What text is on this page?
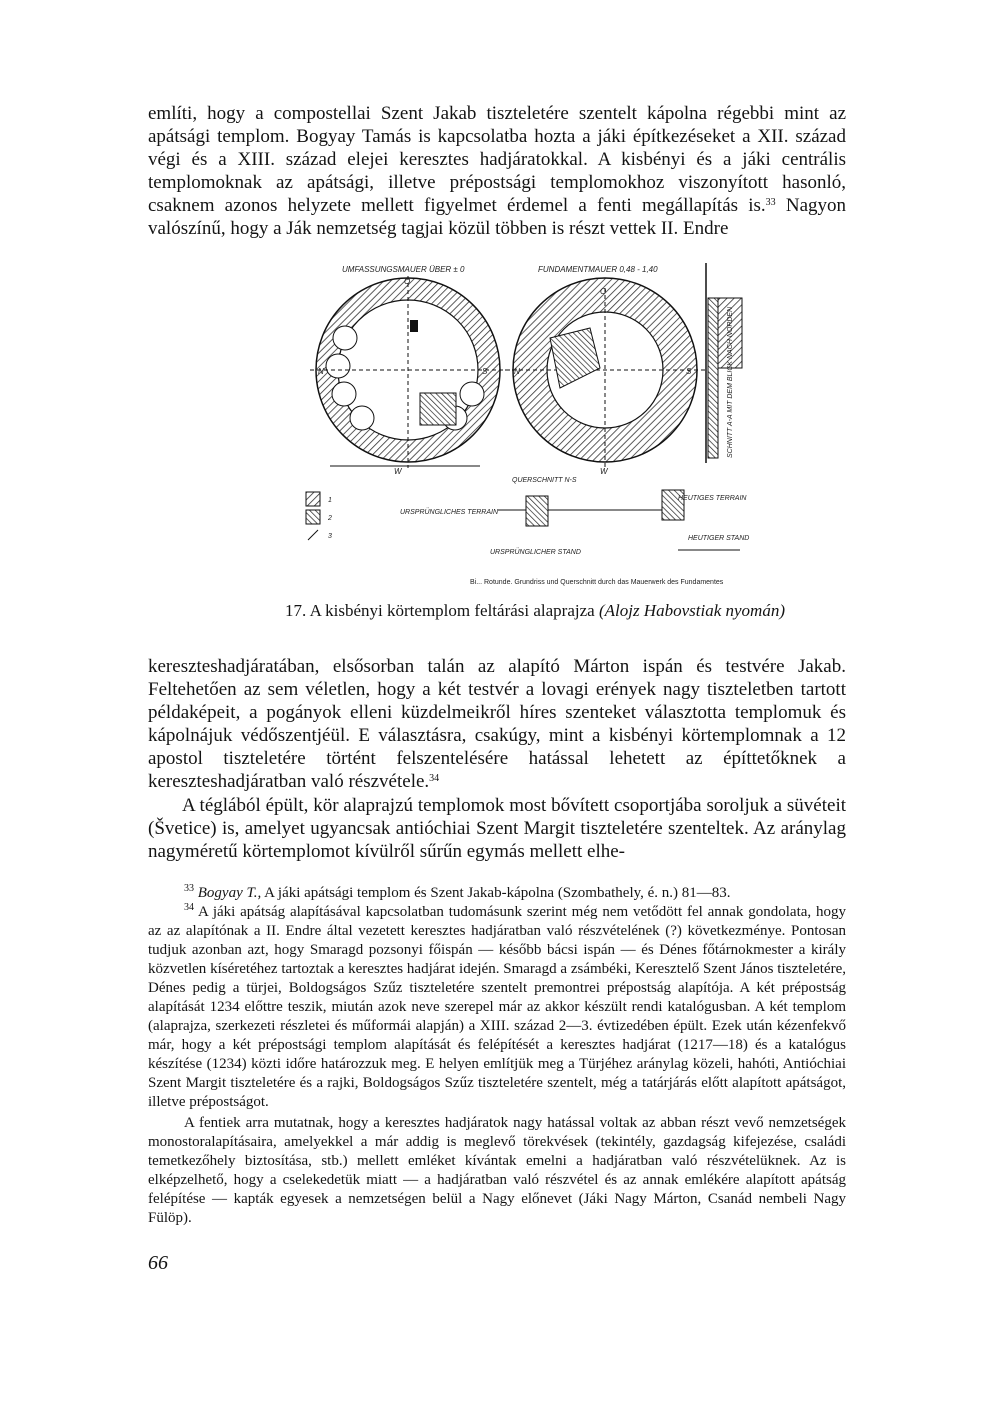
említi, hogy a compostellai Szent Jakab tiszteletére szentelt kápolna régebbi mint az apátsági templom. Bogyay Tamás is kapcsolatba hozta a jáki építkezéseket a XII. század végi és a XIII. század elejei keresztes hadjáratokkal. A kisbényi és a jáki centrális templomoknak az apátsági, illetve prépostsági templomokhoz viszonyított hasonló, csaknem azonos helyzete mellett figyelmet érdemel a fenti megállapítás is.$^{33}$ Nagyon valószínű, hogy a Ják nemzetség tagjai közül többen is részt vettek II. Endre

UMFASSUNGSMAUER ÜBER ± 0	FUNDAMENTMAUER 0,48 - 1,40
N	S
W
O
N	S
W
O
SCHNITT A-A MIT DEM BLICK NACH NORDEN
QUERSCHNITT N-S
URSPRÜNGLICHES TERRAIN
URSPRÜNGLICHER STAND
HEUTIGES TERRAIN
HEUTIGER STAND
1
2
3
Bi... Rotunde. Grundriss und Querschnitt durch das Mauerwerk des Fundamentes
17. A kisbényi körtemplom feltárási alaprajza (Alojz Habovstiak nyomán)

kereszteshadjáratában, elsősorban talán az alapító Márton ispán és testvére Jakab. Feltehetően az sem véletlen, hogy a két testvér a lovagi erények nagy tiszteletben tartott példaképeit, a pogányok elleni küzdelmeikről híres szenteket választotta templomuk és kápolnájuk védőszentjéül. E választásra, csakúgy, mint a kisbényi körtemplomnak a 12 apostol tiszteletére történt felszentelésére hatással lehetett az építtetőknek a kereszteshadjáratban való részvétele.$^{34}$

A téglából épült, kör alaprajzú templomok most bővített csoportjába soroljuk a süvéteit (Švetice) is, amelyet ugyancsak antióchiai Szent Margit tiszteletére szenteltek. Az aránylag nagyméretű körtemplomot kívülről sűrűn egymás mellett elhe-

$^{33}$ Bogyay T., A jáki apátsági templom és Szent Jakab-kápolna (Szombathely, é. n.) 81—83.

$^{34}$ A jáki apátság alapításával kapcsolatban tudomásunk szerint még nem vetődött fel annak gondolata, hogy az az alapítónak a II. Endre által vezetett keresztes hadjáratban való részvételének (?) következménye. Pontosan tudjuk azonban azt, hogy Smaragd pozsonyi főispán — később bácsi ispán — és Dénes főtárnokmester a király közvetlen kíséretéhez tartoztak a keresztes hadjárat idején. Smaragd a zsámbéki, Keresztelő Szent János tiszteletére, Dénes pedig a türjei, Boldogságos Szűz tiszteletére szentelt premontrei prépostság alapítója. A két prépostság alapítását 1234 előttre teszik, miután azok neve szerepel már az akkor készült rendi katalógusban. A két templom (alaprajza, szerkezeti részletei és műformái alapján) a XIII. század 2—3. évtizedében épült. Ezek után kézenfekvő már, hogy a két prépostsági templom alapítását és felépítését a keresztes hadjárat (1217—18) és a katalógus készítése (1234) közti időre határozzuk meg. E helyen említjük meg a Türjéhez aránylag közeli, hahóti, Antióchiai Szent Margit tiszteletére és a rajki, Boldogságos Szűz tiszteletére szentelt, még a tatárjárás előtt alapított apátságot, illetve prépostságot.

A fentiek arra mutatnak, hogy a keresztes hadjáratok nagy hatással voltak az abban részt vevő nemzetségek monostoralapításaira, amelyekkel a már addig is meglevő törekvések (tekintély, gazdagság kifejezése, családi temetkezőhely biztosítása, stb.) mellett emléket kívántak emelni a hadjáratban való részvételüknek. Az is elképzelhető, hogy a cselekedetük miatt — a hadjáratban való részvétel és az annak emlékére alapított apátság felépítése — kapták egyesek a nemzetségen belül a Nagy előnevet (Jáki Nagy Márton, Csanád nembeli Nagy Fülöp).

66
